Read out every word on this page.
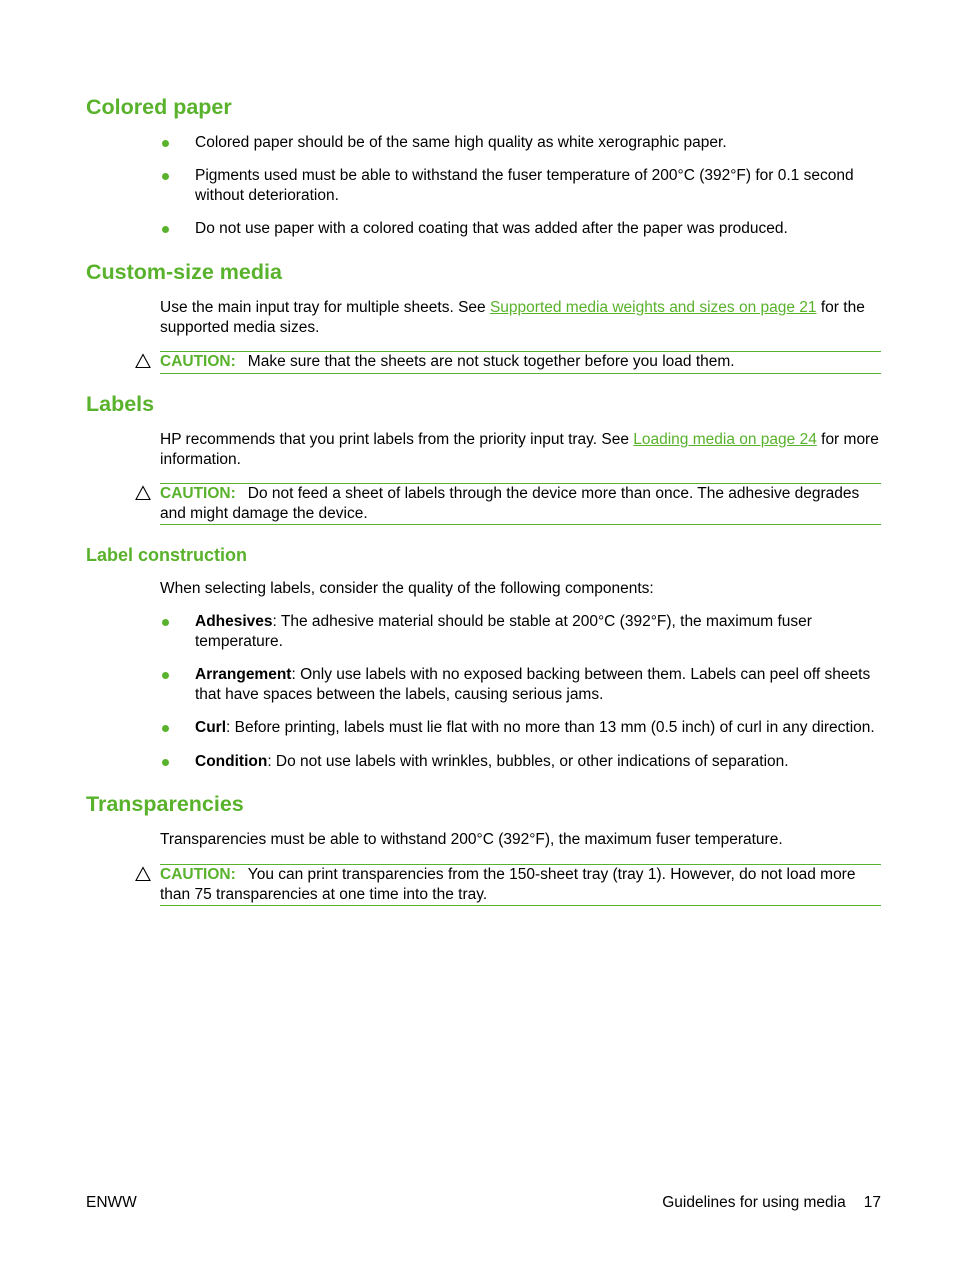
Colored paper
Colored paper should be of the same high quality as white xerographic paper.
Pigments used must be able to withstand the fuser temperature of 200°C (392°F) for 0.1 second without deterioration.
Do not use paper with a colored coating that was added after the paper was produced.
Custom-size media

Use the main input tray for multiple sheets. See Supported media weights and sizes on page 21 for the supported media sizes.

CAUTION: Make sure that the sheets are not stuck together before you load them.
Labels

HP recommends that you print labels from the priority input tray. See Loading media on page 24 for more information.

CAUTION: Do not feed a sheet of labels through the device more than once. The adhesive degrades and might damage the device.
Label construction

When selecting labels, consider the quality of the following components:

Adhesives: The adhesive material should be stable at 200°C (392°F), the maximum fuser temperature.
Arrangement: Only use labels with no exposed backing between them. Labels can peel off sheets that have spaces between the labels, causing serious jams.
Curl: Before printing, labels must lie flat with no more than 13 mm (0.5 inch) of curl in any direction.
Condition: Do not use labels with wrinkles, bubbles, or other indications of separation.
Transparencies

Transparencies must be able to withstand 200°C (392°F), the maximum fuser temperature.

CAUTION: You can print transparencies from the 150-sheet tray (tray 1). However, do not load more than 75 transparencies at one time into the tray.
ENWW	Guidelines for using media 17
